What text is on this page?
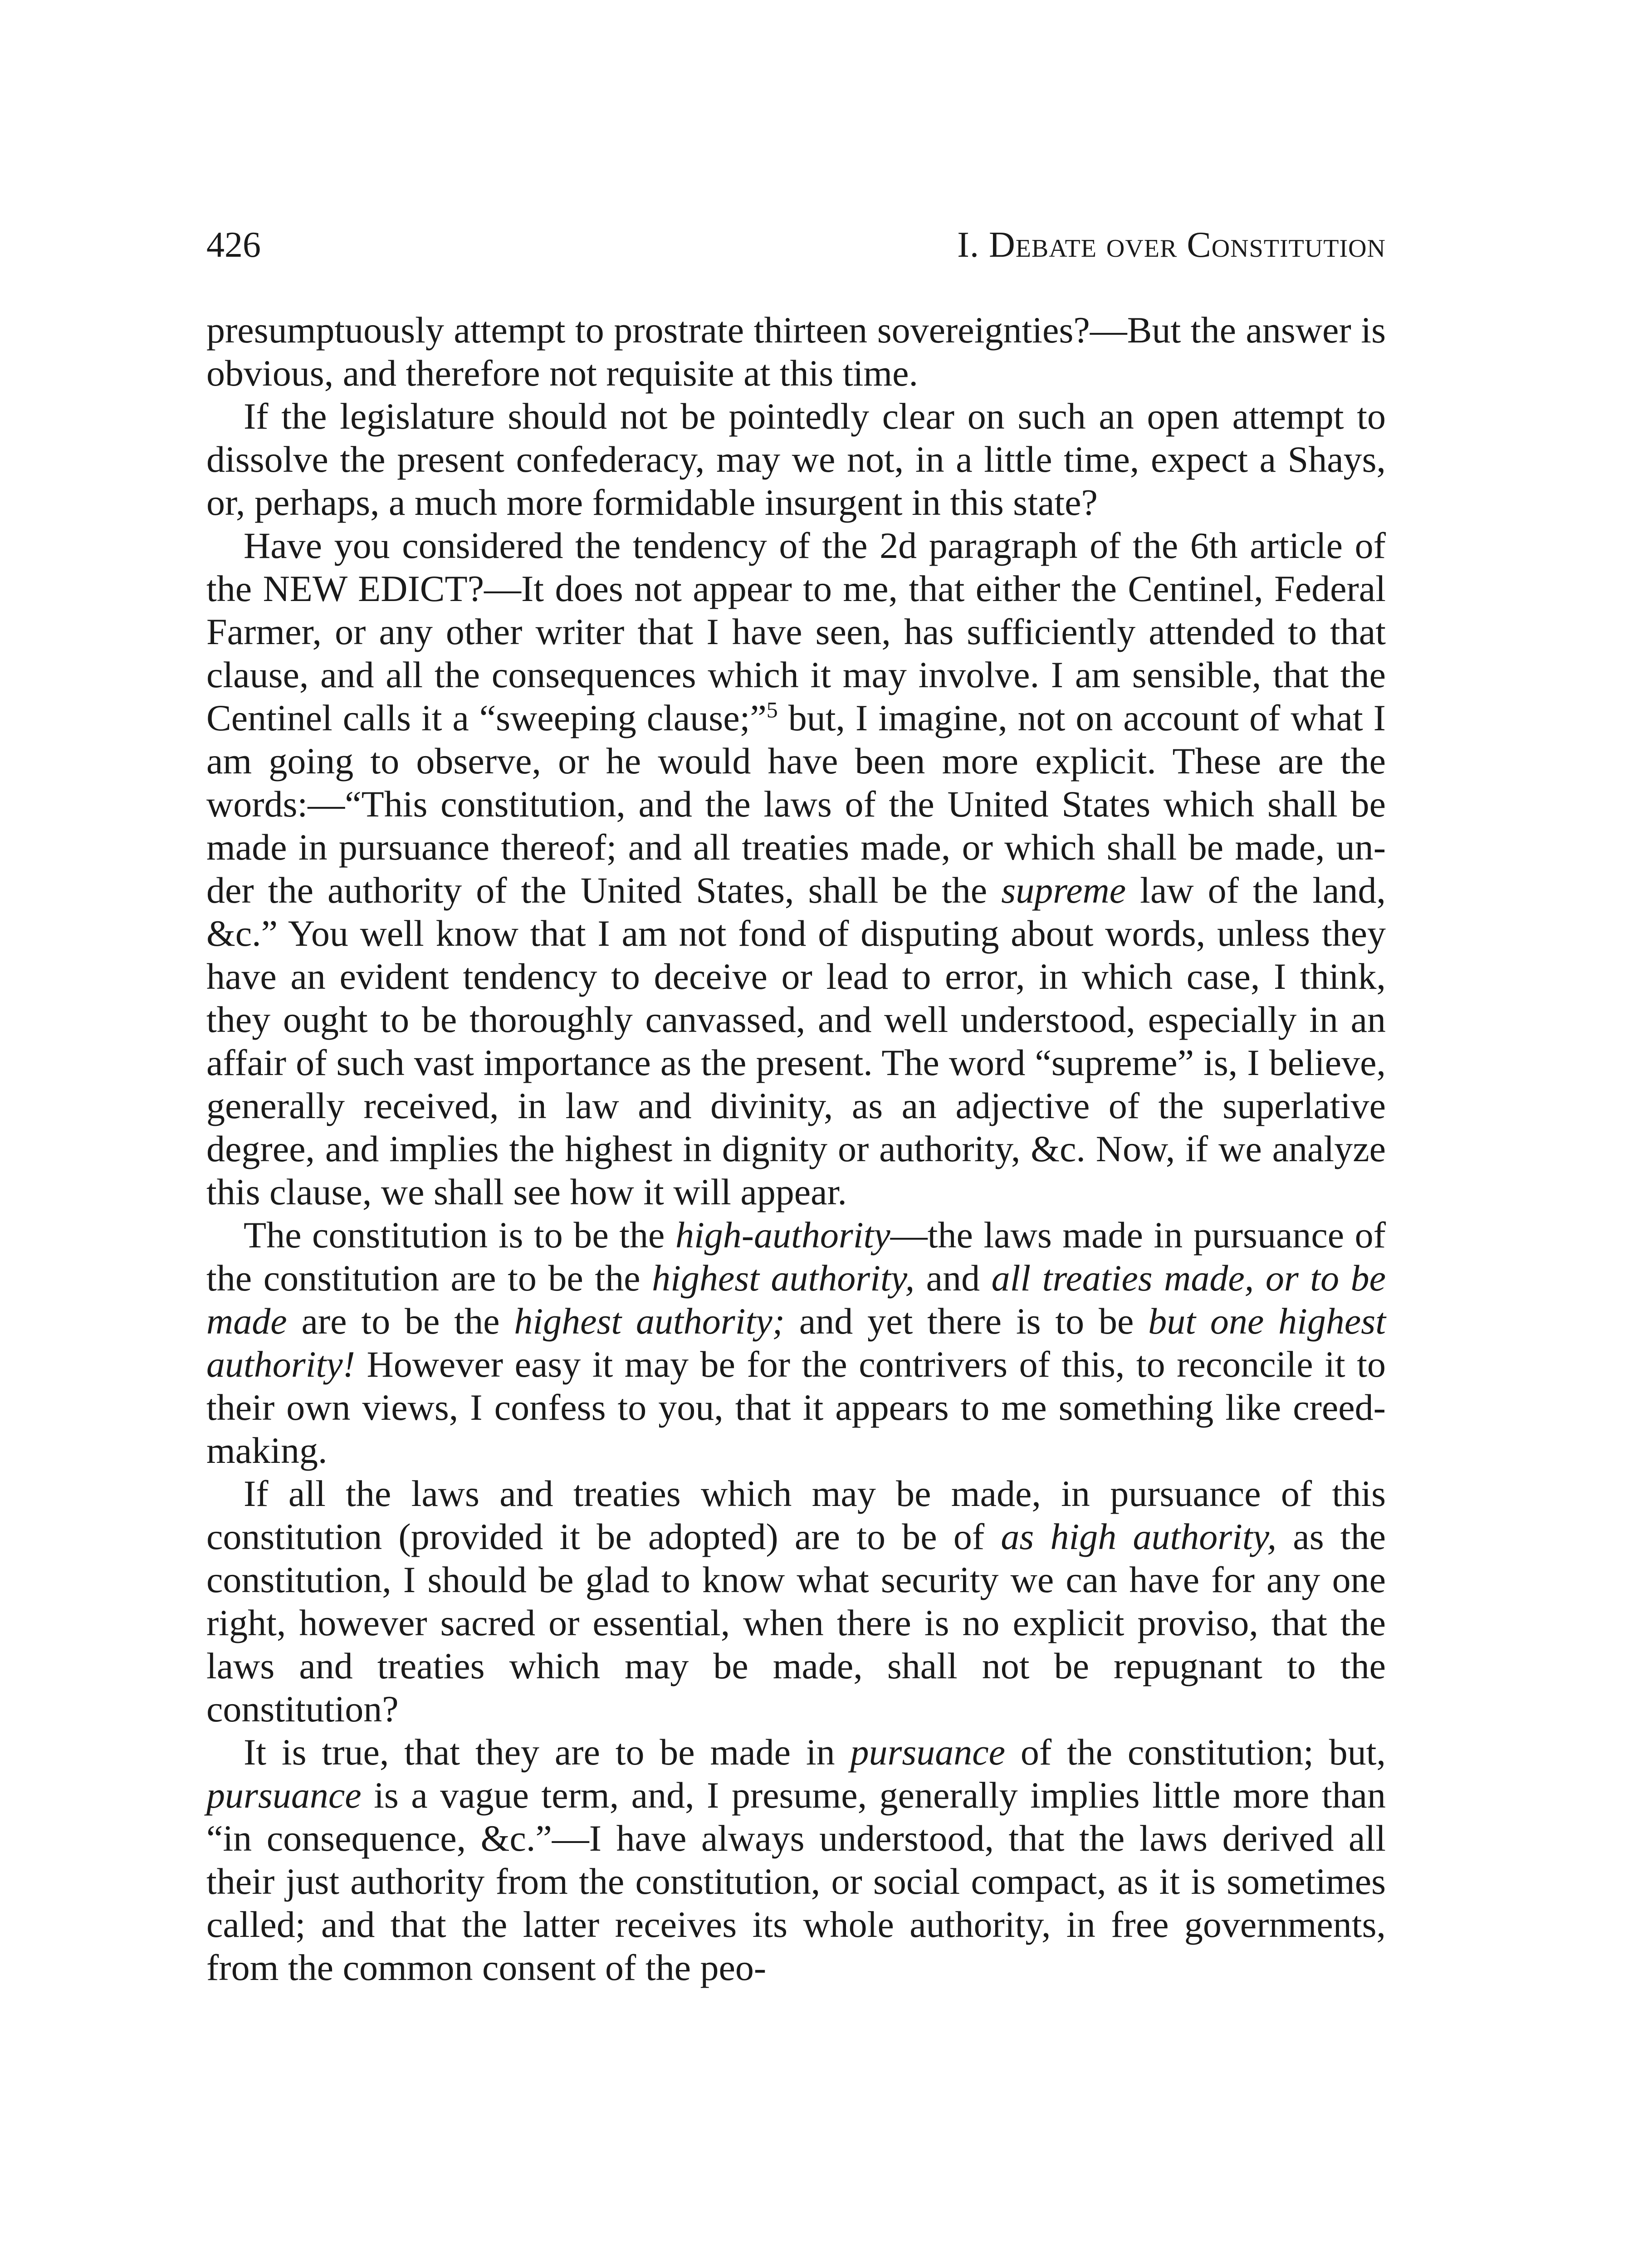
426	I. Debate over Constitution

presumptuously attempt to prostrate thirteen sovereignties?—But the answer is obvious, and therefore not requisite at this time.

If the legislature should not be pointedly clear on such an open attempt to dissolve the present confederacy, may we not, in a little time, expect a Shays, or, perhaps, a much more formidable insurgent in this state?

Have you considered the tendency of the 2d paragraph of the 6th article of the NEW EDICT?—It does not appear to me, that either the Centinel, Federal Farmer, or any other writer that I have seen, has sufficiently attended to that clause, and all the consequences which it may involve. I am sensible, that the Centinel calls it a “sweeping clause;”$^5$ but, I imagine, not on account of what I am going to observe, or he would have been more explicit. These are the words:—“This constitution, and the laws of the United States which shall be made in pursuance thereof; and all treaties made, or which shall be made, under the authority of the United States, shall be the supreme law of the land, &c.” You well know that I am not fond of disputing about words, unless they have an evident tendency to deceive or lead to error, in which case, I think, they ought to be thoroughly canvassed, and well understood, especially in an affair of such vast importance as the present. The word “supreme” is, I believe, generally received, in law and divinity, as an adjective of the superlative degree, and implies the highest in dignity or authority, &c. Now, if we analyze this clause, we shall see how it will appear.

The constitution is to be the high-authority—the laws made in pursuance of the constitution are to be the highest authority, and all treaties made, or to be made are to be the highest authority; and yet there is to be but one highest authority! However easy it may be for the contrivers of this, to reconcile it to their own views, I confess to you, that it appears to me something like creed-making.

If all the laws and treaties which may be made, in pursuance of this constitution (provided it be adopted) are to be of as high authority, as the constitution, I should be glad to know what security we can have for any one right, however sacred or essential, when there is no explicit proviso, that the laws and treaties which may be made, shall not be repugnant to the constitution?

It is true, that they are to be made in pursuance of the constitution; but, pursuance is a vague term, and, I presume, generally implies little more than “in consequence, &c.”—I have always understood, that the laws derived all their just authority from the constitution, or social compact, as it is sometimes called; and that the latter receives its whole authority, in free governments, from the common consent of the peo-
